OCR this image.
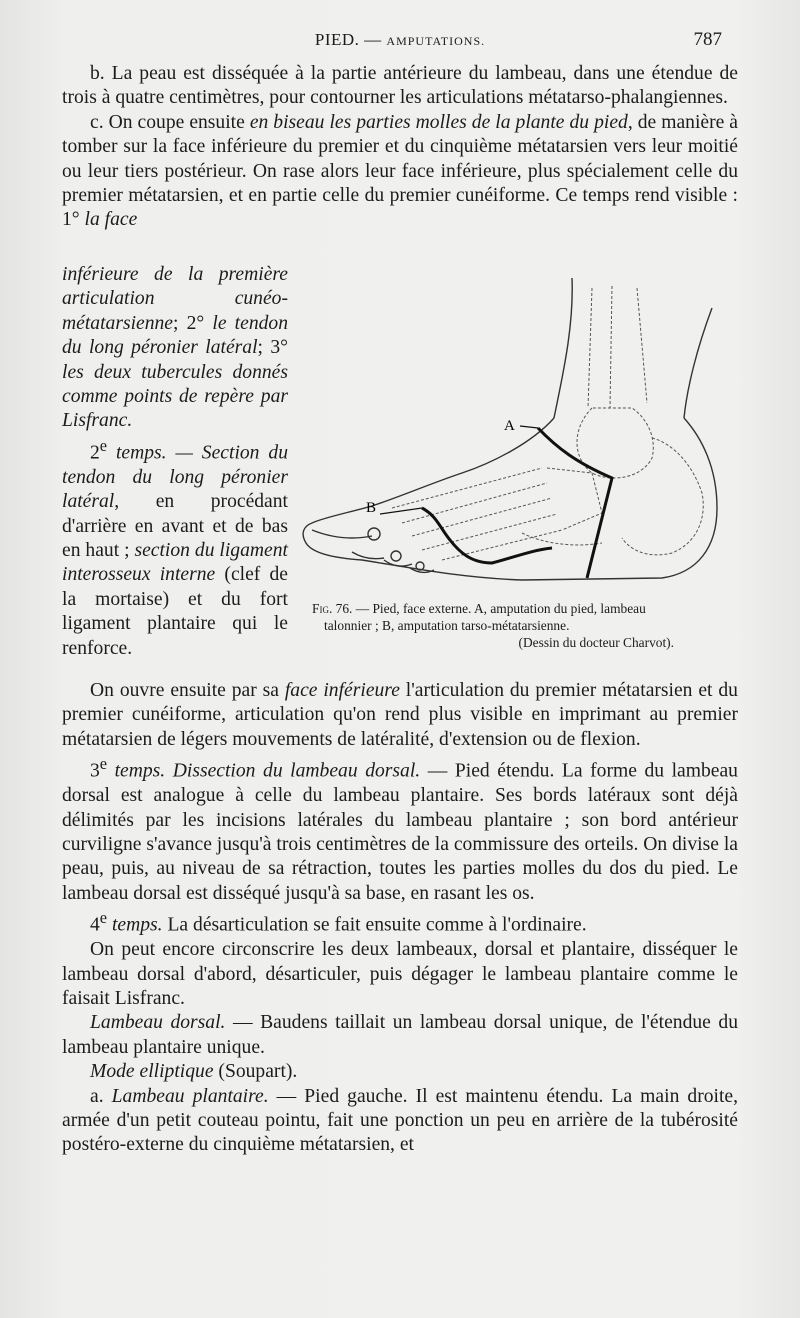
PIED. — AMPUTATIONS.	787

b. La peau est disséquée à la partie antérieure du lambeau, dans une étendue de trois à quatre centimètres, pour contourner les articulations métatarso-phalangiennes.

c. On coupe ensuite en biseau les parties molles de la plante du pied, de manière à tomber sur la face inférieure du premier et du cinquième métatarsien vers leur moitié ou leur tiers postérieur. On rase alors leur face inférieure, plus spécialement celle du premier métatarsien, et en partie celle du premier cunéiforme. Ce temps rend visible : 1° la face

inférieure de la première articulation cunéo-métatarsienne; 2° le tendon du long péronier latéral; 3° les deux tubercules donnés comme points de repère par Lisfranc.

2e temps. — Section du tendon du long péronier latéral, en procédant d'arrière en avant et de bas en haut ; section du ligament interosseux interne (clef de la mortaise) et du fort ligament plantaire qui le renforce.

A
B
Fig. 76. — Pied, face externe. A, amputation du pied, lambeau
talonnier ; B, amputation tarso-métatarsienne.
(Dessin du docteur Charvot).

On ouvre ensuite par sa face inférieure l'articulation du premier métatarsien et du premier cunéiforme, articulation qu'on rend plus visible en imprimant au premier métatarsien de légers mouvements de latéralité, d'extension ou de flexion.

3e temps. Dissection du lambeau dorsal. — Pied étendu. La forme du lambeau dorsal est analogue à celle du lambeau plantaire. Ses bords latéraux sont déjà délimités par les incisions latérales du lambeau plantaire ; son bord antérieur curviligne s'avance jusqu'à trois centimètres de la commissure des orteils. On divise la peau, puis, au niveau de sa rétraction, toutes les parties molles du dos du pied. Le lambeau dorsal est disséqué jusqu'à sa base, en rasant les os.

4e temps. La désarticulation se fait ensuite comme à l'ordinaire.

On peut encore circonscrire les deux lambeaux, dorsal et plantaire, disséquer le lambeau dorsal d'abord, désarticuler, puis dégager le lambeau plantaire comme le faisait Lisfranc.

Lambeau dorsal. — Baudens taillait un lambeau dorsal unique, de l'étendue du lambeau plantaire unique.

Mode elliptique (Soupart).

a. Lambeau plantaire. — Pied gauche. Il est maintenu étendu. La main droite, armée d'un petit couteau pointu, fait une ponction un peu en arrière de la tubérosité postéro-externe du cinquième métatarsien, et
